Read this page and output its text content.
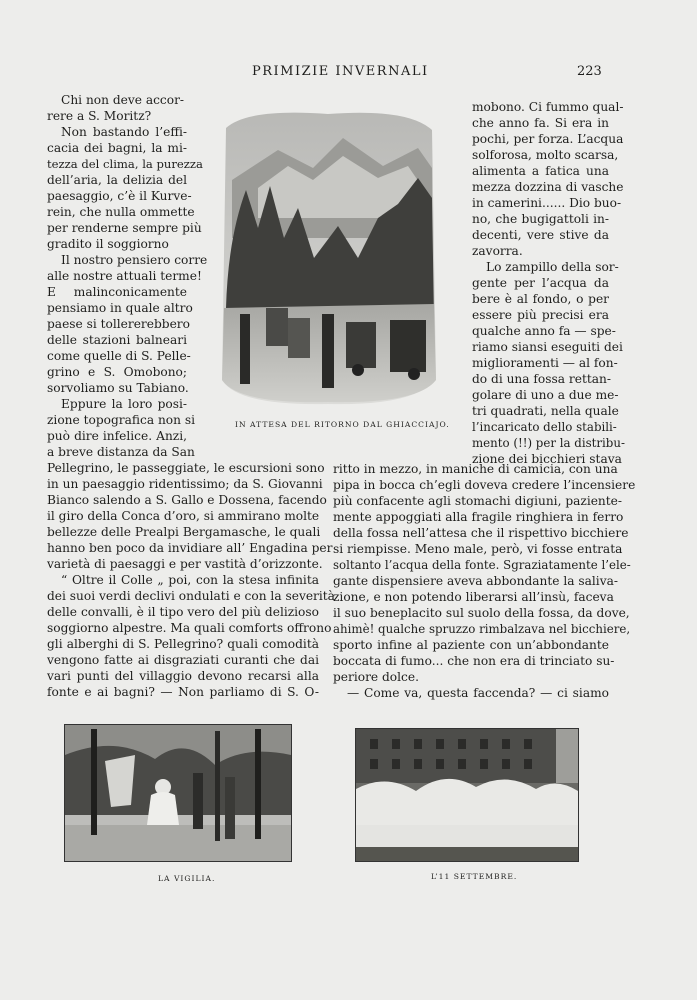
PRIMIZIE INVERNALI	223
Chi non deve accor-
rere a S. Moritz?
Non bastando l’effi-
cacia dei bagni, la mi-
tezza del clima, la purezza
dell’aria, la delizia del
paesaggio, c’è il Kurve-
rein, che nulla ommette
per renderne sempre più
gradito il soggiorno
Il nostro pensiero corre
alle nostre attuali terme!
E malinconicamente
pensiamo in quale altro
paese si tollererebbero
delle stazioni balneari
come quelle di S. Pelle-
grino e S. Omobono;
sorvoliamo su Tabiano.
Eppure la loro posi-
zione topografica non si
può dire infelice. Anzi,
a breve distanza da San
Pellegrino, le passeggiate, le escursioni sono
in un paesaggio ridentissimo; da S. Giovanni
Bianco salendo a S. Gallo e Dossena, facendo
il giro della Conca d’oro, si ammirano molte
bellezze delle Prealpi Bergamasche, le quali
hanno ben poco da invidiare all’ Engadina per
varietà di paesaggi e per vastità d’orizzonte.
“ Oltre il Colle „ poi, con la stesa infinita
dei suoi verdi declivi ondulati e con la severità
delle convalli, è il tipo vero del più delizioso
soggiorno alpestre. Ma quali comforts offrono
gli alberghi di S. Pellegrino? quali comodità
vengono fatte ai disgraziati curanti che dai
vari punti del villaggio devono recarsi alla
fonte e ai bagni? — Non parliamo di S. O-
mobono. Ci fummo qual-
che anno fa. Si era in
pochi, per forza. L’acqua
solforosa, molto scarsa,
alimenta a fatica una
mezza dozzina di vasche
in camerini...... Dio buo-
no, che bugigattoli in-
decenti, vere stive da
zavorra.
Lo zampillo della sor-
gente per l’acqua da
bere è al fondo, o per
essere più precisi era
qualche anno fa — spe-
riamo siansi eseguiti dei
miglioramenti — al fon-
do di una fossa rettan-
golare di uno a due me-
tri quadrati, nella quale
l’incaricato dello stabili-
mento (!!) per la distribu-
zione dei bicchieri stava
ritto in mezzo, in maniche di camicia, con una
pipa in bocca ch’egli doveva credere l’incensiere
più confacente agli stomachi digiuni, paziente-
mente appoggiati alla fragile ringhiera in ferro
della fossa nell’attesa che il rispettivo bicchiere
si riempisse. Meno male, però, vi fosse entrata
soltanto l’acqua della fonte. Sgraziatamente l’ele-
gante dispensiere aveva abbondante la saliva-
zione, e non potendo liberarsi all’insù, faceva
il suo beneplacito sul suolo della fossa, da dove,
ahimè! qualche spruzzo rimbalzava nel bicchiere,
sporto infine al paziente con un’abbondante
boccata di fumo... che non era di trinciato su-
periore dolce.
— Come va, questa faccenda? — ci siamo
IN ATTESA DEL RITORNO DAL GHIACCIAJO.
LA VIGILIA.	L’11 SETTEMBRE.
